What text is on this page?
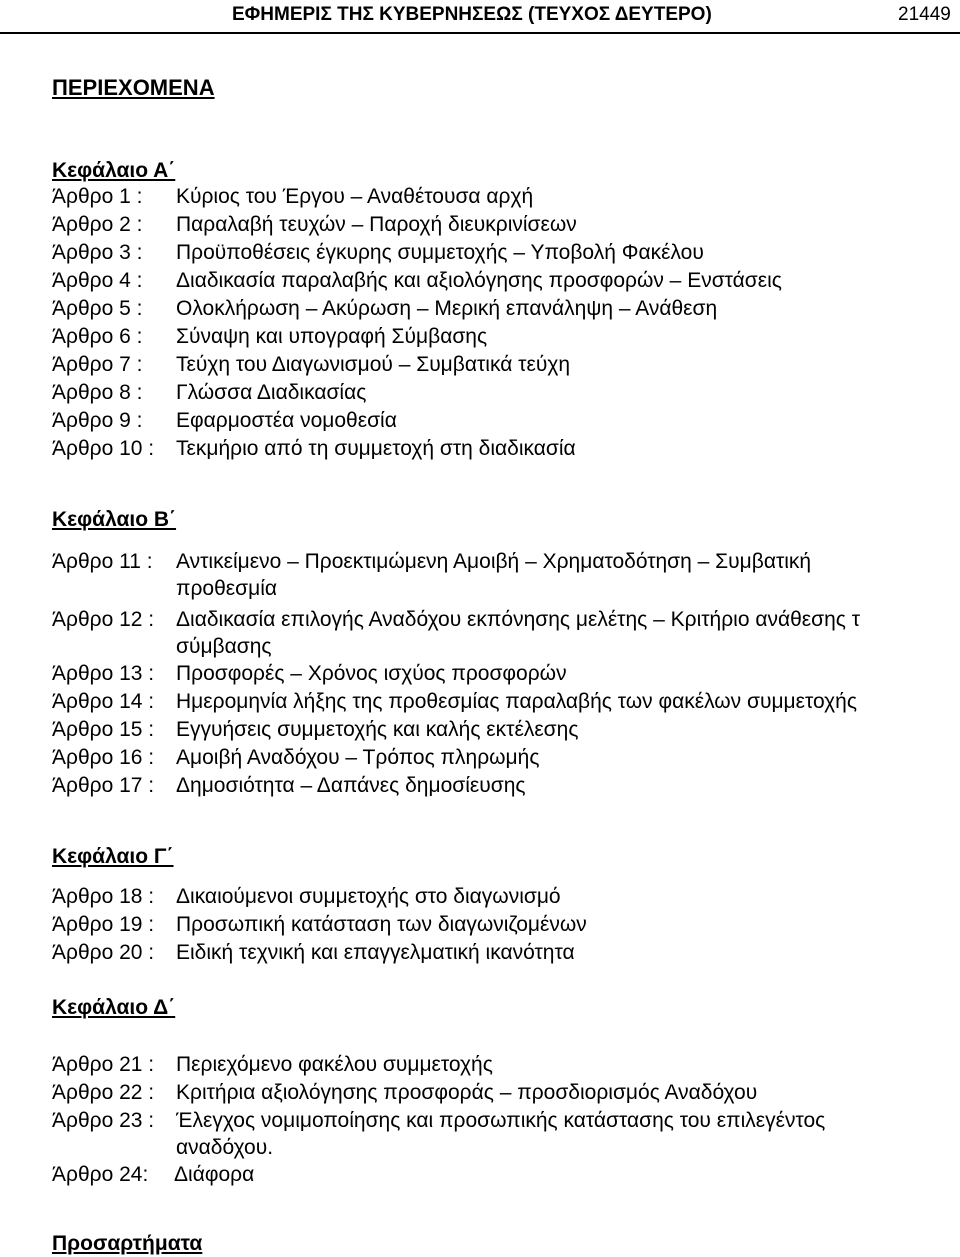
ΕΦΗΜΕΡΙΣ ΤΗΣ ΚΥΒΕΡΝΗΣΕΩΣ (ΤΕΥΧΟΣ ΔΕΥΤΕΡΟ)	21449
ΠΕΡΙΕΧΟΜΕΝΑ
Κεφάλαιο Α΄
Άρθρο 1 : Κύριος του Έργου – Αναθέτουσα αρχή
Άρθρο 2 : Παραλαβή τευχών – Παροχή διευκρινίσεων
Άρθρο 3 : Προϋποθέσεις έγκυρης συμμετοχής – Υποβολή Φακέλου
Άρθρο 4 : Διαδικασία παραλαβής και αξιολόγησης προσφορών – Ενστάσεις
Άρθρο 5 : Ολοκλήρωση – Ακύρωση – Μερική επανάληψη – Ανάθεση
Άρθρο 6 : Σύναψη και υπογραφή Σύμβασης
Άρθρο 7 : Τεύχη του Διαγωνισμού – Συμβατικά τεύχη
Άρθρο 8 : Γλώσσα Διαδικασίας
Άρθρο 9 : Εφαρμοστέα νομοθεσία
Άρθρο 10 : Τεκμήριο από τη συμμετοχή στη διαδικασία
Κεφάλαιο Β΄
Άρθρο 11 : Αντικείμενο – Προεκτιμώμενη Αμοιβή – Χρηματοδότηση – Συμβατική
προθεσμία
Άρθρο 12 : Διαδικασία επιλογής Αναδόχου εκπόνησης μελέτης – Κριτήριο ανάθεσης τ
σύμβασης
Άρθρο 13 : Προσφορές – Χρόνος ισχύος προσφορών
Άρθρο 14 : Ημερομηνία λήξης της προθεσμίας παραλαβής των φακέλων συμμετοχής
Άρθρο 15 : Εγγυήσεις συμμετοχής και καλής εκτέλεσης
Άρθρο 16 : Αμοιβή Αναδόχου – Τρόπος πληρωμής
Άρθρο 17 : Δημοσιότητα – Δαπάνες δημοσίευσης
Κεφάλαιο Γ΄
Άρθρο 18 : Δικαιούμενοι συμμετοχής στο διαγωνισμό
Άρθρο 19 : Προσωπική κατάσταση των διαγωνιζομένων
Άρθρο 20 : Ειδική τεχνική και επαγγελματική ικανότητα
Κεφάλαιο Δ΄
Άρθρο 21 : Περιεχόμενο φακέλου συμμετοχής
Άρθρο 22 : Κριτήρια αξιολόγησης προσφοράς – προσδιορισμός Αναδόχου
Άρθρο 23 : Έλεγχος νομιμοποίησης και προσωπικής κατάστασης του επιλεγέντος
αναδόχου.
Άρθρο 24: Διάφορα
Προσαρτήματα
